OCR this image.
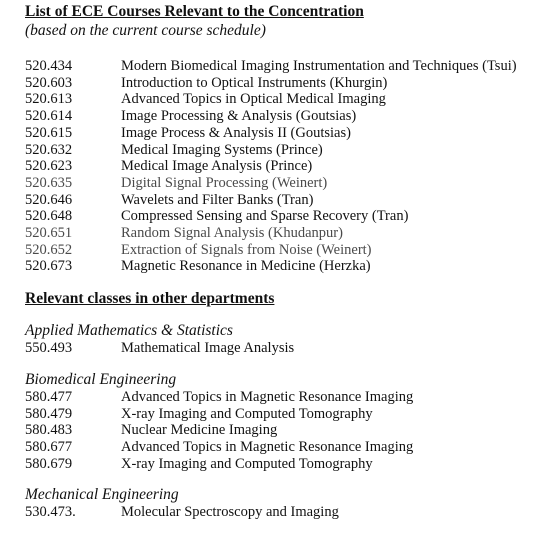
List of ECE Courses Relevant to the Concentration

(based on the current course schedule)

520.434	Modern Biomedical Imaging Instrumentation and Techniques (Tsui)
520.603	Introduction to Optical Instruments (Khurgin)
520.613	Advanced Topics in Optical Medical Imaging
520.614	Image Processing & Analysis (Goutsias)
520.615	Image Process & Analysis II (Goutsias)
520.632	Medical Imaging Systems (Prince)
520.623	Medical Image Analysis (Prince)
520.635	Digital Signal Processing (Weinert)
520.646	Wavelets and Filter Banks (Tran)
520.648	Compressed Sensing and Sparse Recovery (Tran)
520.651	Random Signal Analysis (Khudanpur)
520.652	Extraction of Signals from Noise (Weinert)
520.673	Magnetic Resonance in Medicine (Herzka)

Relevant classes in other departments

Applied Mathematics & Statistics

550.493	Mathematical Image Analysis

Biomedical Engineering

580.477	Advanced Topics in Magnetic Resonance Imaging
580.479	X-ray Imaging and Computed Tomography
580.483	Nuclear Medicine Imaging
580.677	Advanced Topics in Magnetic Resonance Imaging
580.679	X-ray Imaging and Computed Tomography

Mechanical Engineering

530.473.	Molecular Spectroscopy and Imaging
